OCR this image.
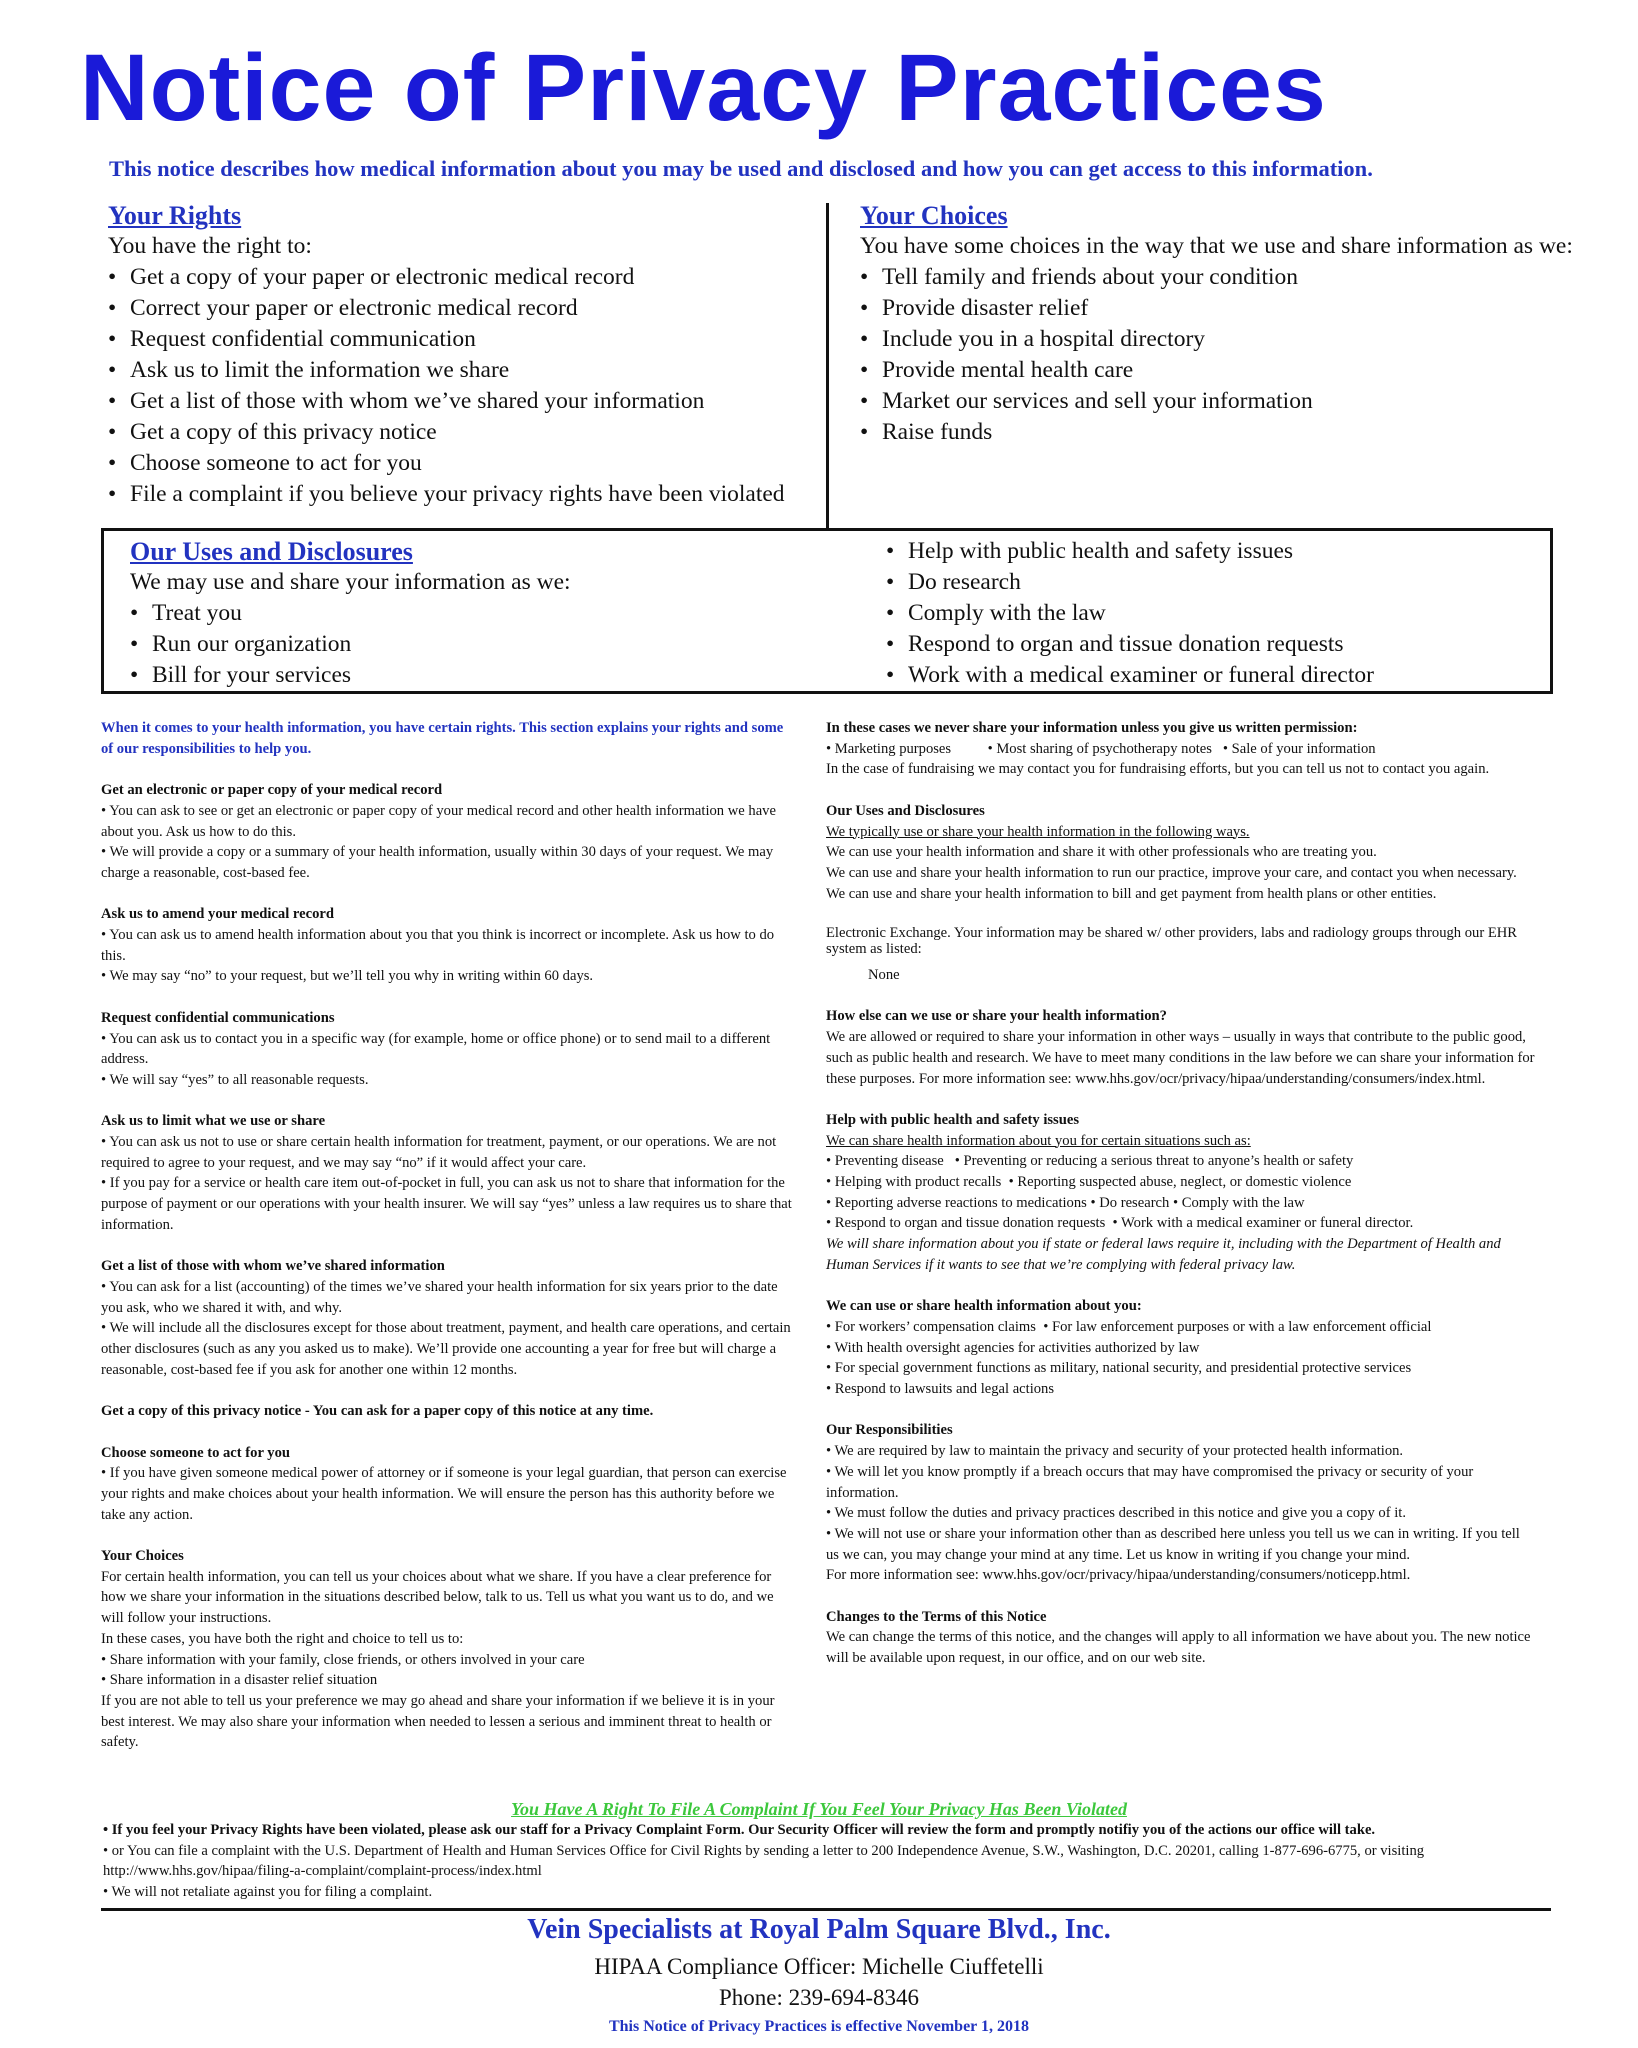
Notice of Privacy Practices
This notice describes how medical information about you may be used and disclosed and how you can get access to this information.
Your Rights
You have the right to:
• Get a copy of your paper or electronic medical record
• Correct your paper or electronic medical record
• Request confidential communication
• Ask us to limit the information we share
• Get a list of those with whom we’ve shared your information
• Get a copy of this privacy notice
• Choose someone to act for you
• File a complaint if you believe your privacy rights have been violated
Your Choices
You have some choices in the way that we use and share information as we:
• Tell family and friends about your condition
• Provide disaster relief
• Include you in a hospital directory
• Provide mental health care
• Market our services and sell your information
• Raise funds
Our Uses and Disclosures
We may use and share your information as we:
• Treat you
• Run our organization
• Bill for your services
• Help with public health and safety issues
• Do research
• Comply with the law
• Respond to organ and tissue donation requests
• Work with a medical examiner or funeral director

When it comes to your health information, you have certain rights. This section explains your rights and some of our responsibilities to help you.

Get an electronic or paper copy of your medical record

• You can ask to see or get an electronic or paper copy of your medical record and other health information we have about you. Ask us how to do this.

• We will provide a copy or a summary of your health information, usually within 30 days of your request. We may charge a reasonable, cost-based fee.

Ask us to amend your medical record

• You can ask us to amend health information about you that you think is incorrect or incomplete. Ask us how to do this.

• We may say “no” to your request, but we’ll tell you why in writing within 60 days.

Request confidential communications

• You can ask us to contact you in a specific way (for example, home or office phone) or to send mail to a different address.

• We will say “yes” to all reasonable requests.

Ask us to limit what we use or share

• You can ask us not to use or share certain health information for treatment, payment, or our operations. We are not required to agree to your request, and we may say “no” if it would affect your care.

• If you pay for a service or health care item out-of-pocket in full, you can ask us not to share that information for the purpose of payment or our operations with your health insurer. We will say “yes” unless a law requires us to share that information.

Get a list of those with whom we’ve shared information

• You can ask for a list (accounting) of the times we’ve shared your health information for six years prior to the date you ask, who we shared it with, and why.

• We will include all the disclosures except for those about treatment, payment, and health care operations, and certain other disclosures (such as any you asked us to make). We’ll provide one accounting a year for free but will charge a reasonable, cost-based fee if you ask for another one within 12 months.

Get a copy of this privacy notice - You can ask for a paper copy of this notice at any time.

Choose someone to act for you

• If you have given someone medical power of attorney or if someone is your legal guardian, that person can exercise your rights and make choices about your health information. We will ensure the person has this authority before we take any action.

Your Choices

For certain health information, you can tell us your choices about what we share. If you have a clear preference for how we share your information in the situations described below, talk to us. Tell us what you want us to do, and we will follow your instructions.

In these cases, you have both the right and choice to tell us to:

• Share information with your family, close friends, or others involved in your care

• Share information in a disaster relief situation

If you are not able to tell us your preference we may go ahead and share your information if we believe it is in your best interest. We may also share your information when needed to lessen a serious and imminent threat to health or safety.

In these cases we never share your information unless you give us written permission:

• Marketing purposes          • Most sharing of psychotherapy notes   • Sale of your information

In the case of fundraising we may contact you for fundraising efforts, but you can tell us not to contact you again.

Our Uses and Disclosures

We typically use or share your health information in the following ways.

We can use your health information and share it with other professionals who are treating you.

We can use and share your health information to run our practice, improve your care, and contact you when necessary.

We can use and share your health information to bill and get payment from health plans or other entities.

Electronic Exchange. Your information may be shared w/ other providers, labs and radiology groups through our EHR system as listed:

None

How else can we use or share your health information?

We are allowed or required to share your information in other ways – usually in ways that contribute to the public good, such as public health and research. We have to meet many conditions in the law before we can share your information for these purposes. For more information see: www.hhs.gov/ocr/privacy/hipaa/understanding/consumers/index.html.

Help with public health and safety issues

We can share health information about you for certain situations such as:

• Preventing disease   • Preventing or reducing a serious threat to anyone’s health or safety

• Helping with product recalls  • Reporting suspected abuse, neglect, or domestic violence

• Reporting adverse reactions to medications • Do research • Comply with the law

• Respond to organ and tissue donation requests  • Work with a medical examiner or funeral director.

We will share information about you if state or federal laws require it, including with the Department of Health and Human Services if it wants to see that we’re complying with federal privacy law.

We can use or share health information about you:

• For workers’ compensation claims  • For law enforcement purposes or with a law enforcement official

• With health oversight agencies for activities authorized by law

• For special government functions as military, national security, and presidential protective services

• Respond to lawsuits and legal actions

Our Responsibilities

• We are required by law to maintain the privacy and security of your protected health information.

• We will let you know promptly if a breach occurs that may have compromised the privacy or security of your information.

• We must follow the duties and privacy practices described in this notice and give you a copy of it.

• We will not use or share your information other than as described here unless you tell us we can in writing. If you tell us we can, you may change your mind at any time. Let us know in writing if you change your mind.

For more information see: www.hhs.gov/ocr/privacy/hipaa/understanding/consumers/noticepp.html.

Changes to the Terms of this Notice

We can change the terms of this notice, and the changes will apply to all information we have about you. The new notice will be available upon request, in our office, and on our web site.

You Have A Right To File A Complaint If You Feel Your Privacy Has Been Violated

• If you feel your Privacy Rights have been violated, please ask our staff for a Privacy Complaint Form. Our Security Officer will review the form and promptly notifiy you of the actions our office will take.

• or You can file a complaint with the U.S. Department of Health and Human Services Office for Civil Rights by sending a letter to 200 Independence Avenue, S.W., Washington, D.C. 20201, calling 1-877-696-6775, or visiting http://www.hhs.gov/hipaa/filing-a-complaint/complaint-process/index.html

• We will not retaliate against you for filing a complaint.

Vein Specialists at Royal Palm Square Blvd., Inc.
HIPAA Compliance Officer: Michelle Ciuffetelli
Phone: 239-694-8346
This Notice of Privacy Practices is effective November 1, 2018
